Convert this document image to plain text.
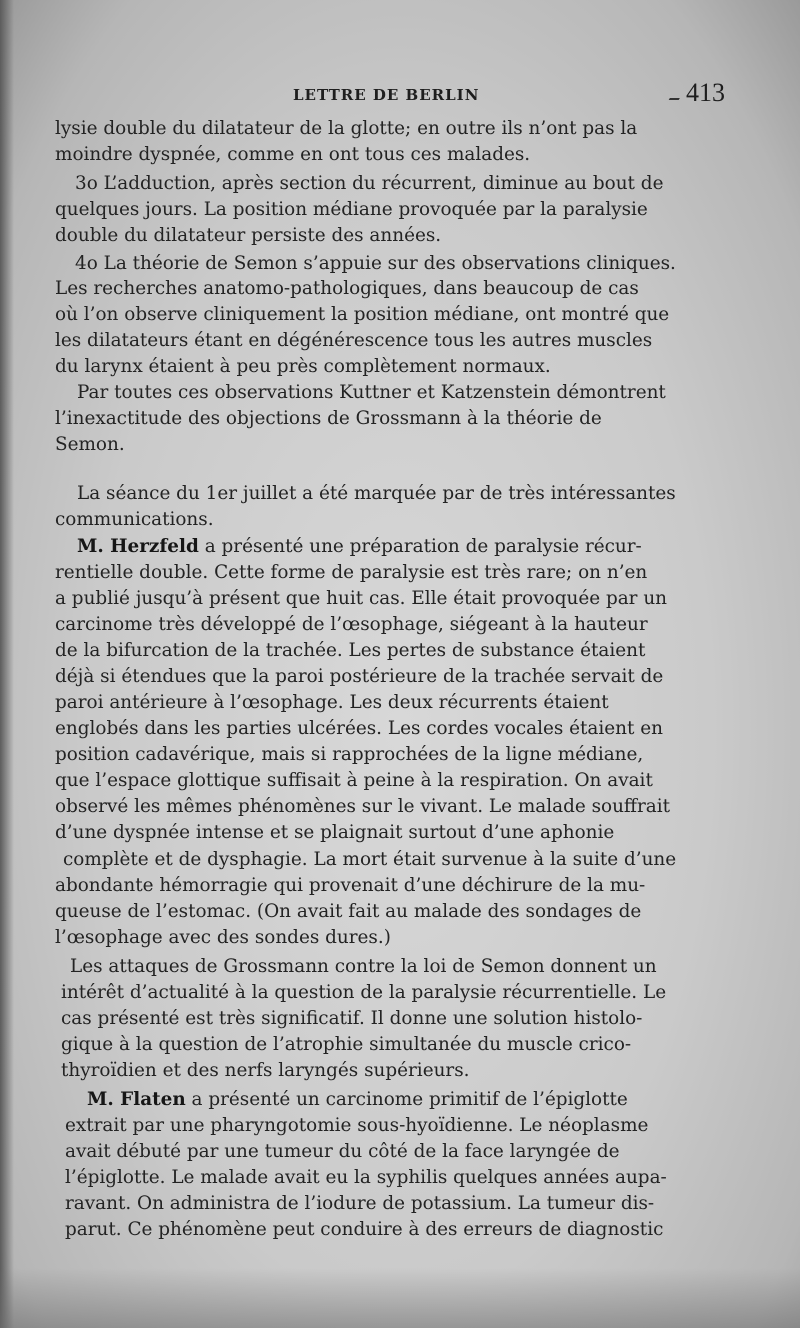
LETTRE DE BERLIN	413
lysie double du dilatateur de la glotte; en outre ils n’ont pas la
moindre dyspnée, comme en ont tous ces malades.
3o L’adduction, après section du récurrent, diminue au bout de
quelques jours. La position médiane provoquée par la paralysie
double du dilatateur persiste des années.
4o La théorie de Semon s’appuie sur des observations cliniques.
Les recherches anatomo-pathologiques, dans beaucoup de cas
où l’on observe cliniquement la position médiane, ont montré que
les dilatateurs étant en dégénérescence tous les autres muscles
du larynx étaient à peu près complètement normaux.
Par toutes ces observations Kuttner et Katzenstein démontrent
l’inexactitude des objections de Grossmann à la théorie de
Semon.
La séance du 1er juillet a été marquée par de très intéressantes
communications.
M. Herzfeld a présenté une préparation de paralysie récur-
rentielle double. Cette forme de paralysie est très rare; on n’en
a publié jusqu’à présent que huit cas. Elle était provoquée par un
carcinome très développé de l’œsophage, siégeant à la hauteur
de la bifurcation de la trachée. Les pertes de substance étaient
déjà si étendues que la paroi postérieure de la trachée servait de
paroi antérieure à l’œsophage. Les deux récurrents étaient
englobés dans les parties ulcérées. Les cordes vocales étaient en
position cadavérique, mais si rapprochées de la ligne médiane,
que l’espace glottique suffisait à peine à la respiration. On avait
observé les mêmes phénomènes sur le vivant. Le malade souffrait
d’une dyspnée intense et se plaignait surtout d’une aphonie
complète et de dysphagie. La mort était survenue à la suite d’une
abondante hémorragie qui provenait d’une déchirure de la mu-
queuse de l’estomac. (On avait fait au malade des sondages de
l’œsophage avec des sondes dures.)
Les attaques de Grossmann contre la loi de Semon donnent un
intérêt d’actualité à la question de la paralysie récurrentielle. Le
cas présenté est très significatif. Il donne une solution histolo-
gique à la question de l’atrophie simultanée du muscle crico-
thyroïdien et des nerfs laryngés supérieurs.
M. Flaten a présenté un carcinome primitif de l’épiglotte
extrait par une pharyngotomie sous-hyoïdienne. Le néoplasme
avait débuté par une tumeur du côté de la face laryngée de
l’épiglotte. Le malade avait eu la syphilis quelques années aupa-
ravant. On administra de l’iodure de potassium. La tumeur dis-
parut. Ce phénomène peut conduire à des erreurs de diagnostic
